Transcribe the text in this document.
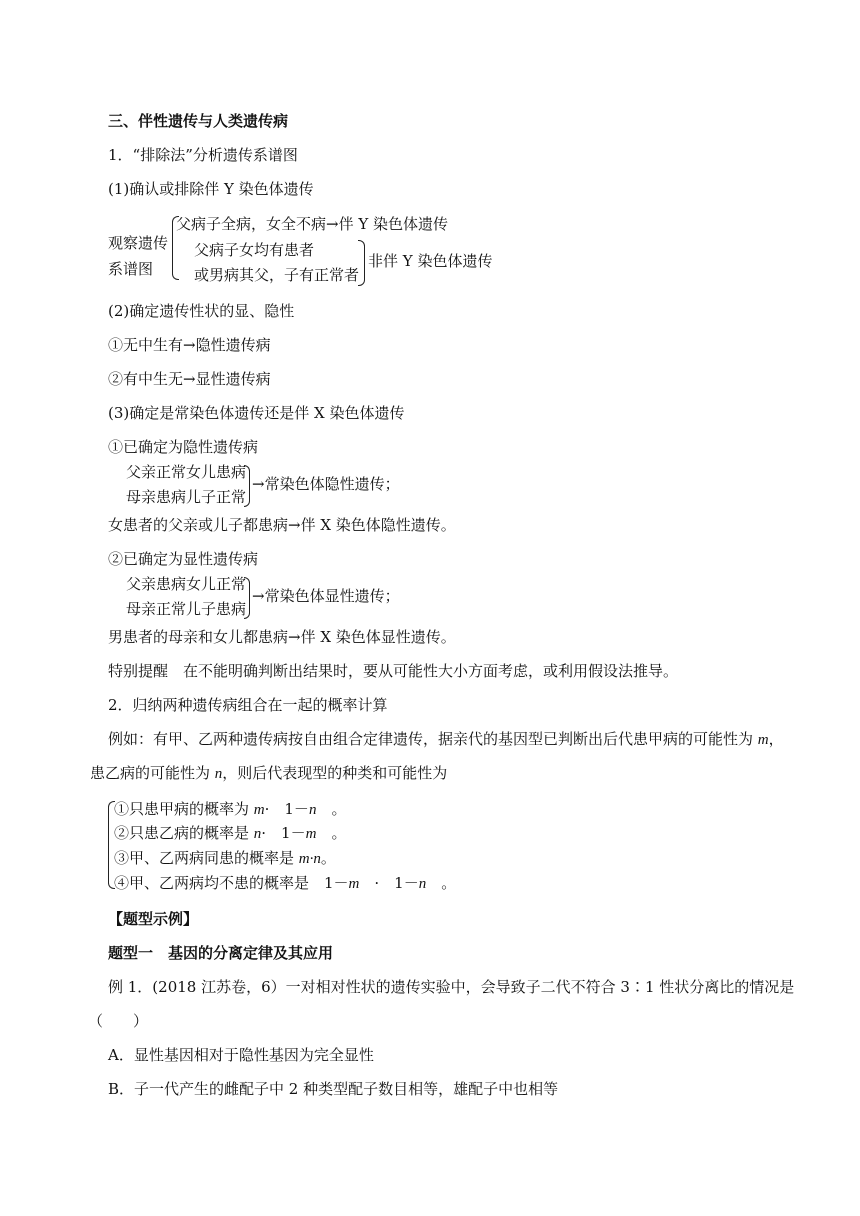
三、伴性遗传与人类遗传病
1．“排除法”分析遗传系谱图
(1)确认或排除伴 Y 染色体遗传
观察遗传
系谱图
父病子全病，女全不病→伴 Y 染色体遗传
父病子女均有患者
或男病其父，子有正常者
非伴 Y 染色体遗传
(2)确定遗传性状的显、隐性
①无中生有→隐性遗传病
②有中生无→显性遗传病
(3)确定是常染色体遗传还是伴 X 染色体遗传
①已确定为隐性遗传病
父亲正常女儿患病
母亲患病儿子正常
→常染色体隐性遗传；
女患者的父亲或儿子都患病→伴 X 染色体隐性遗传。
②已确定为显性遗传病
父亲患病女儿正常
母亲正常儿子患病
→常染色体显性遗传；
男患者的母亲和女儿都患病→伴 X 染色体显性遗传。
特别提醒　在不能明确判断出结果时，要从可能性大小方面考虑，或利用假设法推导。
2．归纳两种遗传病组合在一起的概率计算
例如：有甲、乙两种遗传病按自由组合定律遗传，据亲代的基因型已判断出后代患甲病的可能性为 m，
患乙病的可能性为 n，则后代表现型的种类和可能性为
①只患甲病的概率为 m·　1－n　。
②只患乙病的概率是 n·　1－m　。
③甲、乙两病同患的概率是 m·n。
④甲、乙两病均不患的概率是　1－m　·　1－n　。
【题型示例】
题型一　基因的分离定律及其应用
例 1．(2018 江苏卷，6）一对相对性状的遗传实验中，会导致子二代不符合 3∶1 性状分离比的情况是
（　　）
A．显性基因相对于隐性基因为完全显性
B．子一代产生的雌配子中 2 种类型配子数目相等，雄配子中也相等
